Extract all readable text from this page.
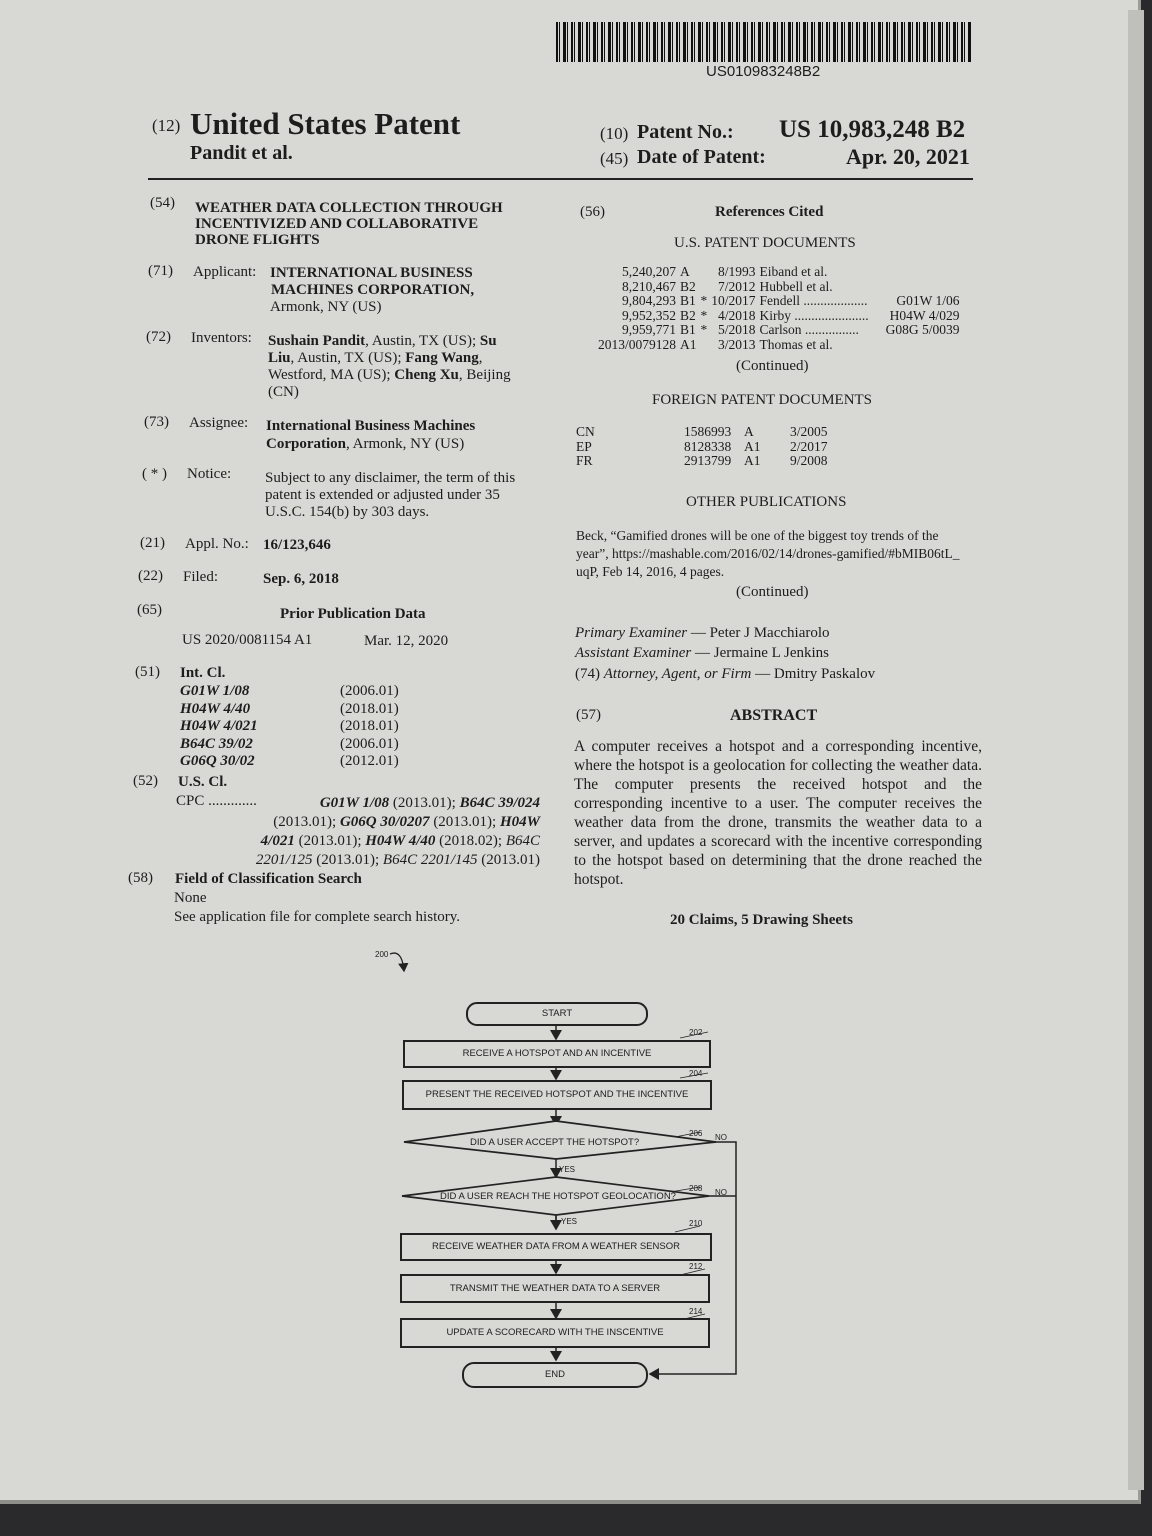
US010983248B2
(12) United States Patent
Pandit et al.
(10) Patent No.: US 10,983,248 B2
(45) Date of Patent:	Apr. 20, 2021
(54) WEATHER DATA COLLECTION THROUGH
INCENTIVIZED AND COLLABORATIVE
DRONE FLIGHTS
(71) Applicant: INTERNATIONAL BUSINESS
MACHINES CORPORATION,
Armonk, NY (US)
(72) Inventors: Sushain Pandit, Austin, TX (US); Su
Liu, Austin, TX (US); Fang Wang,
Westford, MA (US); Cheng Xu, Beijing
(CN)
(73) Assignee: International Business Machines
Corporation, Armonk, NY (US)
( * ) Notice: Subject to any disclaimer, the term of this
patent is extended or adjusted under 35
U.S.C. 154(b) by 303 days.
(21) Appl. No.: 16/123,646
(22) Filed:	Sep. 6, 2018
(65)	Prior Publication Data
US 2020/0081154 A1	Mar. 12, 2020
(51) Int. Cl.
G01W 1/08	(2006.01)
H04W 4/40	(2018.01)
H04W 4/021	(2018.01)
B64C 39/02	(2006.01)
G06Q 30/02	(2012.01)
(52) U.S. Cl.
CPC .............	G01W 1/08 (2013.01); B64C 39/024
(2013.01); G06Q 30/0207 (2013.01); H04W
4/021 (2013.01); H04W 4/40 (2018.02); B64C
2201/125 (2013.01); B64C 2201/145 (2013.01)
(58) Field of Classification Search
None
See application file for complete search history.
(56)	References Cited
U.S. PATENT DOCUMENTS
5,240,207	A		8/1993	Eiband et al.	
8,210,467	B2		7/2012	Hubbell et al.	
9,804,293	B1	*	10/2017	Fendell ...................	G01W 1/06
9,952,352	B2	*	4/2018	Kirby ......................	H04W 4/029
9,959,771	B1	*	5/2018	Carlson ................	G08G 5/0039
2013/0079128	A1		3/2013	Thomas et al.	
(Continued)
FOREIGN PATENT DOCUMENTS
CN	1586993	A	3/2005
EP	8128338	A1	2/2017
FR	2913799	A1	9/2008
OTHER PUBLICATIONS
Beck, “Gamified drones will be one of the biggest toy trends of the
year”, https://mashable.com/2016/02/14/drones-gamified/#bMIB06tL_
uqP, Feb 14, 2016, 4 pages.
(Continued)
Primary Examiner — Peter J Macchiarolo
Assistant Examiner — Jermaine L Jenkins
(74) Attorney, Agent, or Firm — Dmitry Paskalov
(57)	ABSTRACT
A computer receives a hotspot and a corresponding incentive, where the hotspot is a geolocation for collecting the weather data. The computer presents the received hotspot and the corresponding incentive to a user. The computer receives the weather data from the drone, transmits the weather data to a server, and updates a scorecard with the incentive corresponding to the hotspot based on determining that the drone reached the hotspot.
20 Claims, 5 Drawing Sheets
200
START
RECEIVE A HOTSPOT AND AN INCENTIVE
PRESENT THE RECEIVED HOTSPOT AND THE INCENTIVE
DID A USER ACCEPT THE HOTSPOT?
DID A USER REACH THE HOTSPOT GEOLOCATION?
RECEIVE WEATHER DATA FROM A WEATHER SENSOR
TRANSMIT THE WEATHER DATA TO A SERVER
UPDATE A SCORECARD WITH THE INSCENTIVE
END
YES
YES
NO
NO
202
204
206
208
210
212
214
